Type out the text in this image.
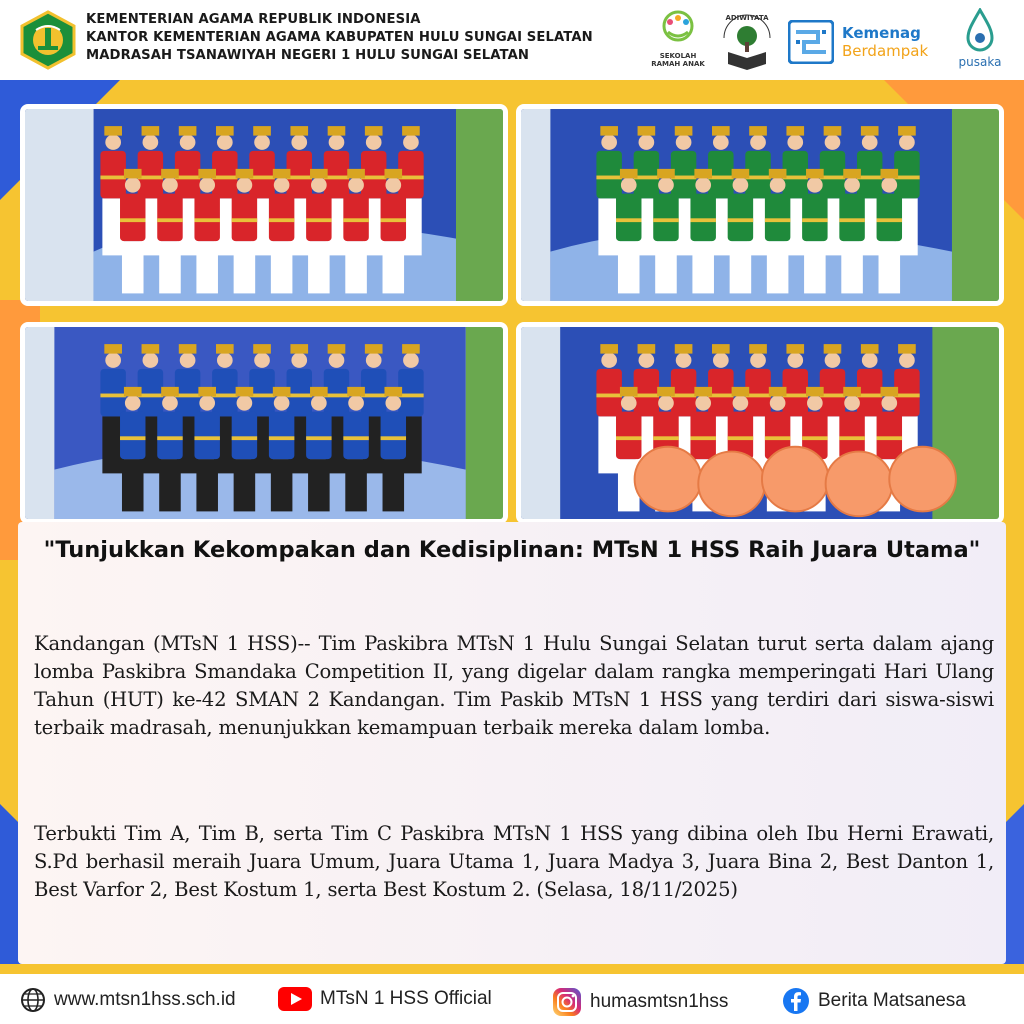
KEMENTERIAN AGAMA REPUBLIK INDONESIA
KANTOR KEMENTERIAN AGAMA KABUPATEN HULU SUNGAI SELATAN
MADRASAH TSANAWIYAH NEGERI 1 HULU SUNGAI SELATAN	SEKOLAH
RAMAH ANAK
ADIWIYATA
Kemenag
Berdampak
pusaka
"Tunjukkan Kekompakan dan Kedisiplinan: MTsN 1 HSS Raih Juara Utama"
Kandangan (MTsN 1 HSS)-- Tim Paskibra MTsN 1 Hulu Sungai Selatan turut serta dalam ajang lomba Paskibra Smandaka Competition II, yang digelar dalam rangka memperingati Hari Ulang Tahun (HUT) ke-42 SMAN 2 Kandangan. Tim Paskib MTsN 1 HSS yang terdiri dari siswa-siswi terbaik madrasah, menunjukkan kemampuan terbaik mereka dalam lomba.
Terbukti Tim A, Tim B, serta Tim C Paskibra MTsN 1 HSS yang dibina oleh Ibu Herni Erawati, S.Pd berhasil meraih Juara Umum, Juara Utama 1, Juara Madya 3, Juara Bina 2, Best Danton 1, Best Varfor 2, Best Kostum 1, serta Best Kostum 2. (Selasa, 18/11/2025)
www.mtsn1hss.sch.id	MTsN 1 HSS Official	humasmtsn1hss	Berita Matsanesa
